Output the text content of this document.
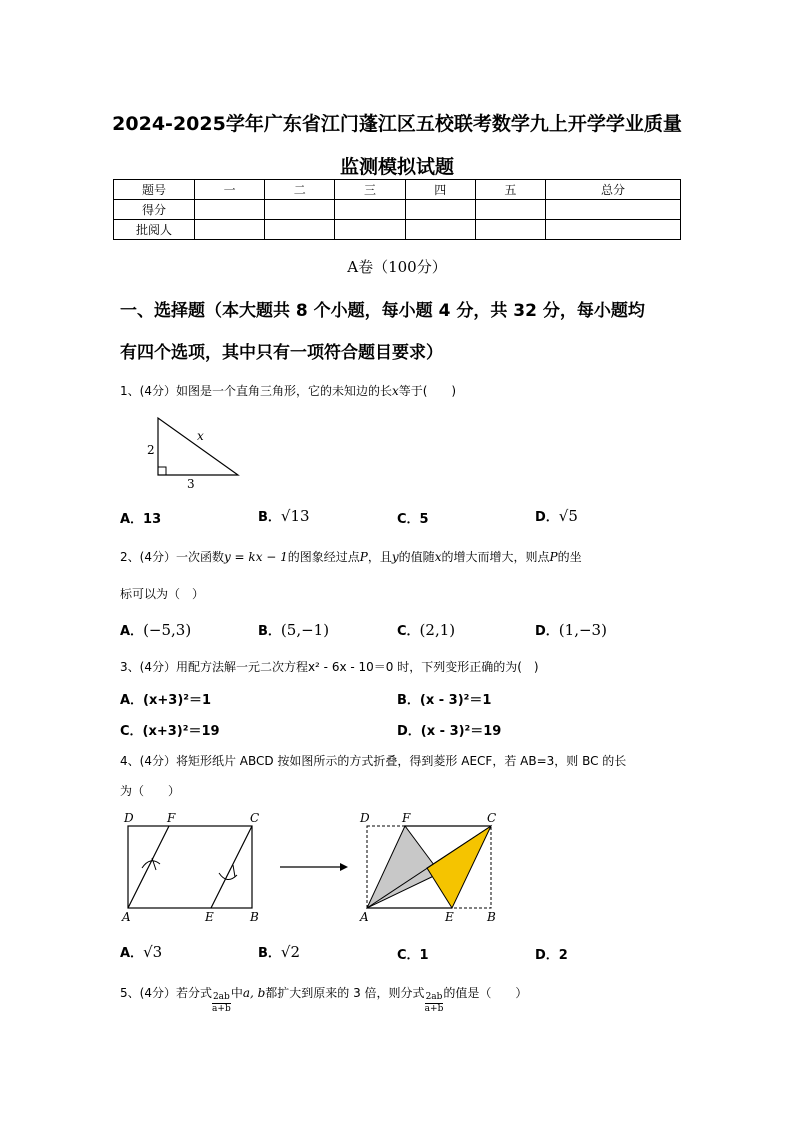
2024-2025学年广东省江门蓬江区五校联考数学九上开学学业质量
监测模拟试题
题号	一	二	三	四	五	总分
得分						
批阅人						
A卷（100分）
一、选择题（本大题共 8 个小题，每小题 4 分，共 32 分，每小题均
有四个选项，其中只有一项符合题目要求）
1、(4分）如图是一个直角三角形，它的未知边的长x等于(　　)
2
3
x
A．13	B．√13	C．5	D．√5
2、(4分）一次函数y = kx − 1的图象经过点P，且y的值随x的增大而增大，则点P的坐
标可以为（　）
A．(−5,3)	B．(5,−1)	C．(2,1)	D．(1,−3)
3、(4分）用配方法解一元二次方程x² - 6x - 10＝0 时，下列变形正确的为(　)
A．(x+3)²＝1	B．(x - 3)²＝1
C．(x+3)²＝19	D．(x - 3)²＝19
4、(4分）将矩形纸片 ABCD 按如图所示的方式折叠，得到菱形 AECF，若 AB=3，则 BC 的长
为（　　）
D	F	C
A	E	B
D	F	C
A	E	B
A．√3	B．√2	C．1	D．2
5、(4分）若分式 $\frac{2ab}{a+b}$ 中a, b都扩大到原来的 3 倍，则分式 $\frac{2ab}{a+b}$ 的值是（　　）
